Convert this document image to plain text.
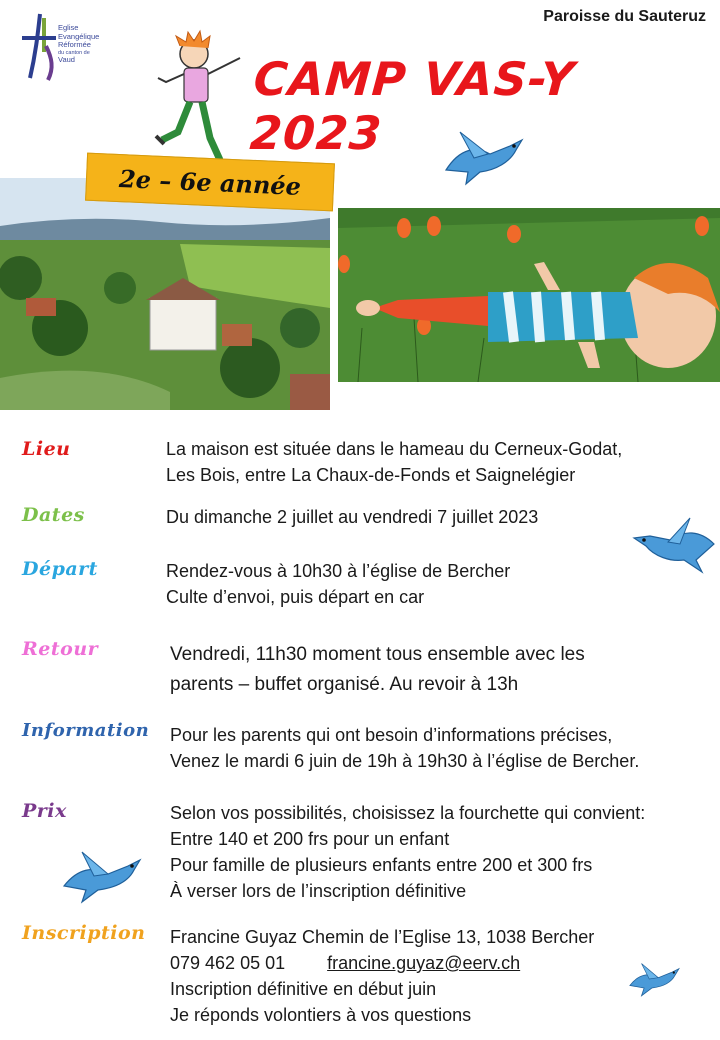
Paroisse du Sauteruz
Eglise
Evangélique
Réformée
du canton de
Vaud	CAMP VAS-Y 2023
2e – 6e année
Lieu	La maison est située dans le hameau du Cerneux-Godat,
Les Bois, entre La Chaux-de-Fonds et Saignelégier
Dates	Du dimanche 2 juillet au vendredi 7 juillet 2023
Départ	Rendez-vous à 10h30 à l’église de Bercher
Culte d’envoi, puis départ en car
Retour	Vendredi, 11h30 moment tous ensemble avec les
parents – buffet organisé. Au revoir à 13h
Information Pour les parents qui ont besoin d’informations précises,
Venez le mardi 6 juin de 19h à 19h30 à l’église de Bercher.
Prix	Selon vos possibilités, choisissez la fourchette qui convient:
Entre 140 et 200 frs pour un enfant
Pour famille de plusieurs enfants entre 200 et 300 frs
À verser lors de l’inscription définitive
Inscription Francine Guyaz Chemin de l’Eglise 13, 1038 Bercher
079 462 05 01 francine.guyaz@eerv.ch
Inscription définitive en début juin
Je réponds volontiers à vos questions
